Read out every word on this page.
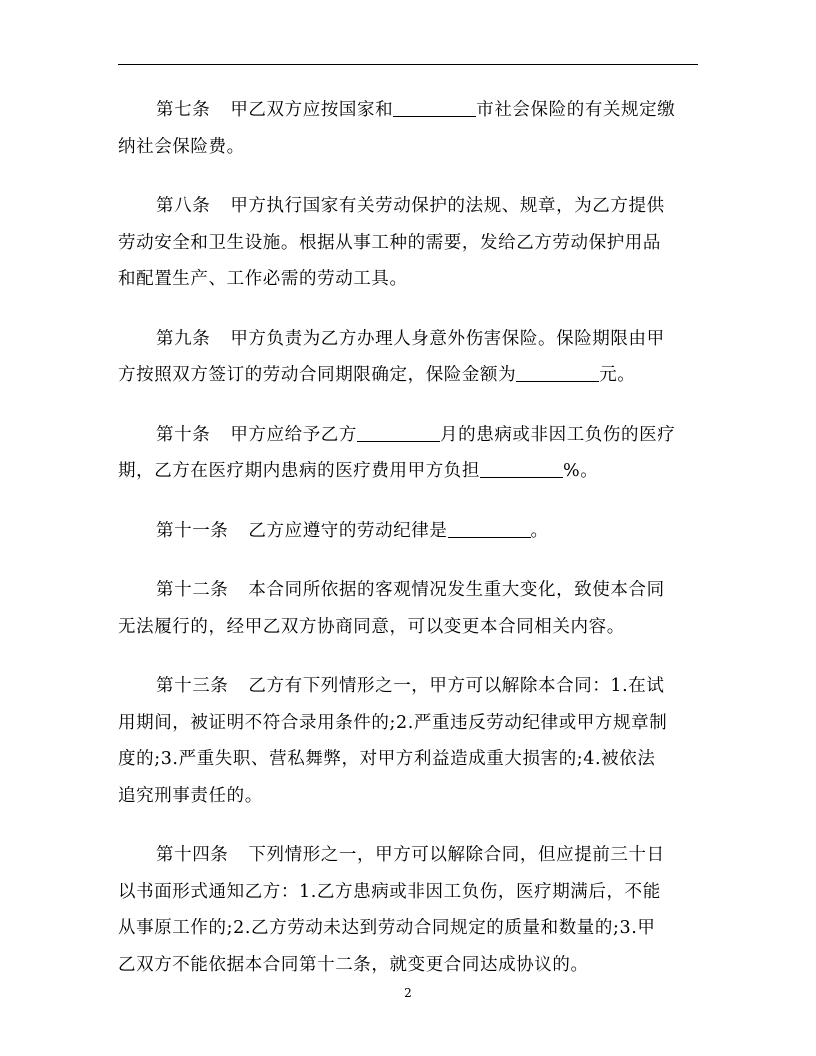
第七条 甲乙双方应按国家和	市社会保险的有关规定缴
纳社会保险费。

第八条 甲方执行国家有关劳动保护的法规、规章，为乙方提供
劳动安全和卫生设施。根据从事工种的需要，发给乙方劳动保护用品
和配置生产、工作必需的劳动工具。

第九条 甲方负责为乙方办理人身意外伤害保险。保险期限由甲
方按照双方签订的劳动合同期限确定，保险金额为	元。

第十条 甲方应给予乙方	月的患病或非因工负伤的医疗
期，乙方在医疗期内患病的医疗费用甲方负担	%。

第十一条 乙方应遵守的劳动纪律是	。

第十二条 本合同所依据的客观情况发生重大变化，致使本合同
无法履行的，经甲乙双方协商同意，可以变更本合同相关内容。

第十三条 乙方有下列情形之一，甲方可以解除本合同：1.在试
用期间，被证明不符合录用条件的;2.严重违反劳动纪律或甲方规章制
度的;3.严重失职、营私舞弊，对甲方利益造成重大损害的;4.被依法
追究刑事责任的。

第十四条 下列情形之一，甲方可以解除合同，但应提前三十日
以书面形式通知乙方：1.乙方患病或非因工负伤，医疗期满后，不能
从事原工作的;2.乙方劳动未达到劳动合同规定的质量和数量的;3.甲
乙双方不能依据本合同第十二条，就变更合同达成协议的。

2
